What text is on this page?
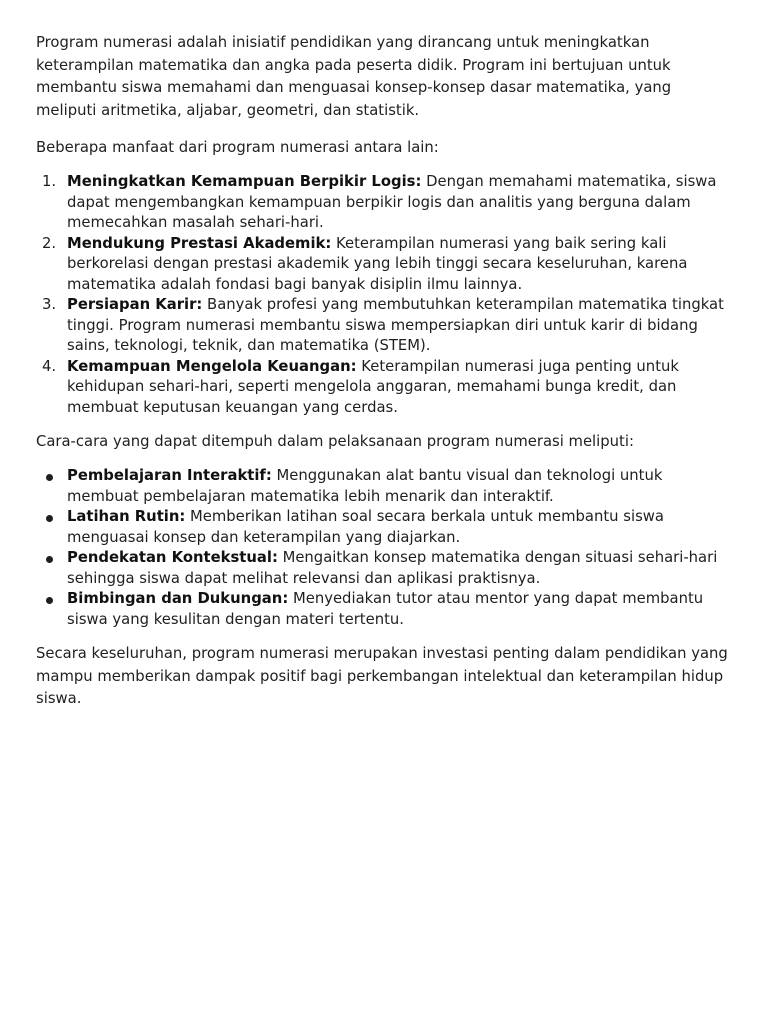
Program numerasi adalah inisiatif pendidikan yang dirancang untuk meningkatkan keterampilan matematika dan angka pada peserta didik. Program ini bertujuan untuk membantu siswa memahami dan menguasai konsep-konsep dasar matematika, yang meliputi aritmetika, aljabar, geometri, dan statistik.

Beberapa manfaat dari program numerasi antara lain:

1. Meningkatkan Kemampuan Berpikir Logis: Dengan memahami matematika, siswa dapat mengembangkan kemampuan berpikir logis dan analitis yang berguna dalam memecahkan masalah sehari-hari.
2. Mendukung Prestasi Akademik: Keterampilan numerasi yang baik sering kali berkorelasi dengan prestasi akademik yang lebih tinggi secara keseluruhan, karena matematika adalah fondasi bagi banyak disiplin ilmu lainnya.
3. Persiapan Karir: Banyak profesi yang membutuhkan keterampilan matematika tingkat tinggi. Program numerasi membantu siswa mempersiapkan diri untuk karir di bidang sains, teknologi, teknik, dan matematika (STEM).
4. Kemampuan Mengelola Keuangan: Keterampilan numerasi juga penting untuk kehidupan sehari-hari, seperti mengelola anggaran, memahami bunga kredit, dan membuat keputusan keuangan yang cerdas.

Cara-cara yang dapat ditempuh dalam pelaksanaan program numerasi meliputi:

Pembelajaran Interaktif: Menggunakan alat bantu visual dan teknologi untuk membuat pembelajaran matematika lebih menarik dan interaktif.
Latihan Rutin: Memberikan latihan soal secara berkala untuk membantu siswa menguasai konsep dan keterampilan yang diajarkan.
Pendekatan Kontekstual: Mengaitkan konsep matematika dengan situasi sehari-hari sehingga siswa dapat melihat relevansi dan aplikasi praktisnya.
Bimbingan dan Dukungan: Menyediakan tutor atau mentor yang dapat membantu siswa yang kesulitan dengan materi tertentu.

Secara keseluruhan, program numerasi merupakan investasi penting dalam pendidikan yang mampu memberikan dampak positif bagi perkembangan intelektual dan keterampilan hidup siswa.
